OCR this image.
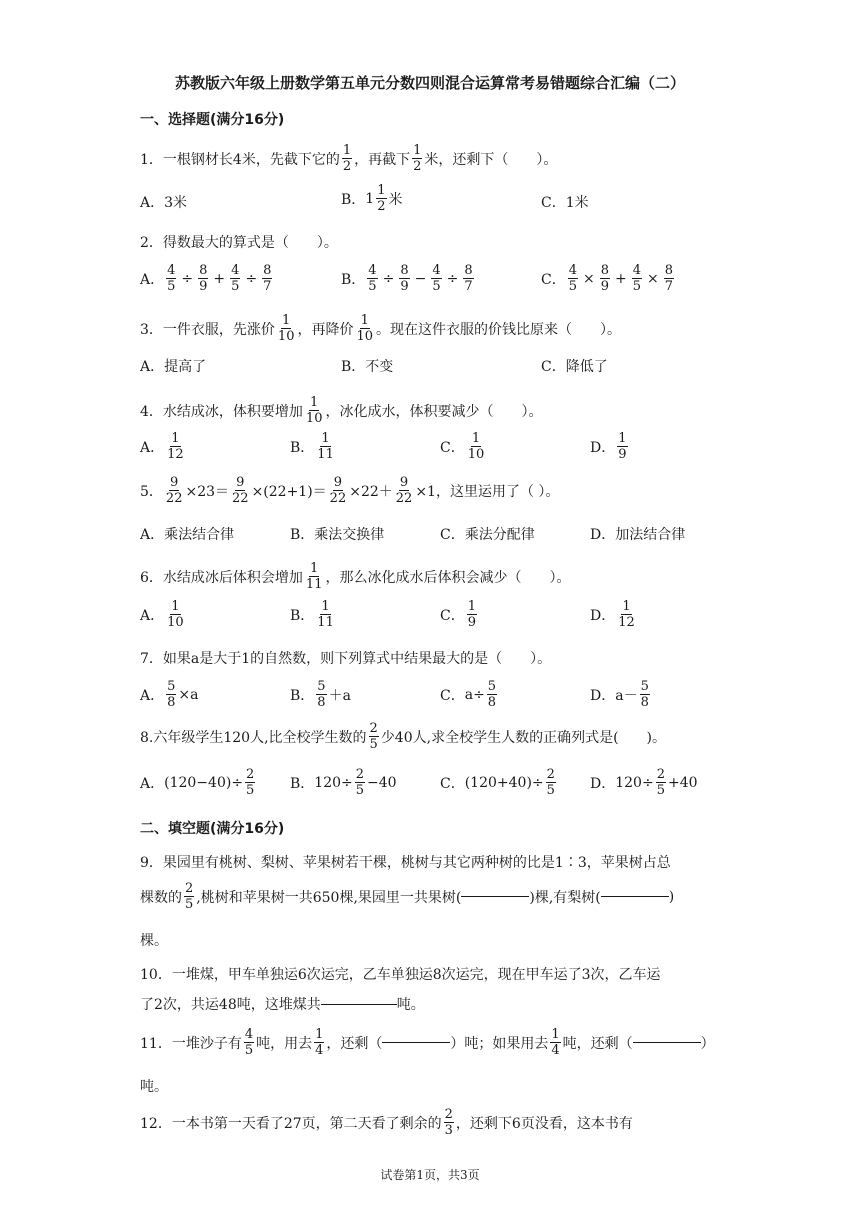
苏教版六年级上册数学第五单元分数四则混合运算常考易错题综合汇编（二）
一、选择题(满分16分)
1．一根钢材长4米，先截下它的 $\frac{1}{2}$ ，再截下 $\frac{1}{2}$ 米，还剩下（　　）。
A．3米	B． $1 \frac{1}{2}$ 米	C．1米
2．得数最大的算式是（　　）。
A． $\frac{4}{5} \div \frac{8}{9} + \frac{4}{5} \div \frac{8}{7}$	B． $\frac{4}{5} \div \frac{8}{9} - \frac{4}{5} \div \frac{8}{7}$	C． $\frac{4}{5} \times \frac{8}{9} + \frac{4}{5} \times \frac{8}{7}$
3．一件衣服，先涨价 $\frac{1}{10}$ ，再降价 $\frac{1}{10}$ 。现在这件衣服的价钱比原来（　　）。
A．提高了	B．不变	C．降低了
4．水结成冰，体积要增加 $\frac{1}{10}$ ，冰化成水，体积要减少（　　）。
A． $\frac{1}{12}$	B． $\frac{1}{11}$	C． $\frac{1}{10}$	D． $\frac{1}{9}$
5． $\frac{9}{22} \times 23= \frac{9}{22} \times(22+1)= \frac{9}{22} \times 22+ \frac{9}{22} \times 1$，这里运用了（ ）。
A．乘法结合律	B．乘法交换律	C．乘法分配律	D．加法结合律
6．水结成冰后体积会增加 $\frac{1}{11}$ ，那么冰化成水后体积会减少（　　）。
A． $\frac{1}{10}$	B． $\frac{1}{11}$	C． $\frac{1}{9}$	D． $\frac{1}{12}$
7．如果a是大于1的自然数，则下列算式中结果最大的是（　　）。
A． $\frac{5}{8} \times a$	B． $\frac{5}{8} +a$	C． $a\div \frac{5}{8}$	D． $a- \frac{5}{8}$
8.六年级学生120人,比全校学生数的 $\frac{2}{5}$ 少40人,求全校学生人数的正确列式是(　　)。
A． $(120-40)\div \frac{2}{5}$ B． $120\div \frac{2}{5} -40$	C． $(120+40)\div \frac{2}{5}$ D． $120\div \frac{2}{5} +40$
二、填空题(满分16分)
9．果园里有桃树、梨树、苹果树若干棵，桃树与其它两种树的比是1∶3，苹果树占总
棵数的 $\frac{2}{5}$ ,桃树和苹果树一共650棵,果园里一共果树(	)棵,有梨树(	)
棵。
10．一堆煤，甲车单独运6次运完，乙车单独运8次运完，现在甲车运了3次，乙车运
了2次，共运48吨，这堆煤共	吨。
11．一堆沙子有 $\frac{4}{5}$ 吨，用去 $\frac{1}{4}$ ，还剩（	）吨；如果用去 $\frac{1}{4}$ 吨，还剩（	）
吨。
12．一本书第一天看了27页，第二天看了剩余的 $\frac{2}{3}$ ，还剩下6页没看，这本书有
试卷第1页，共3页
